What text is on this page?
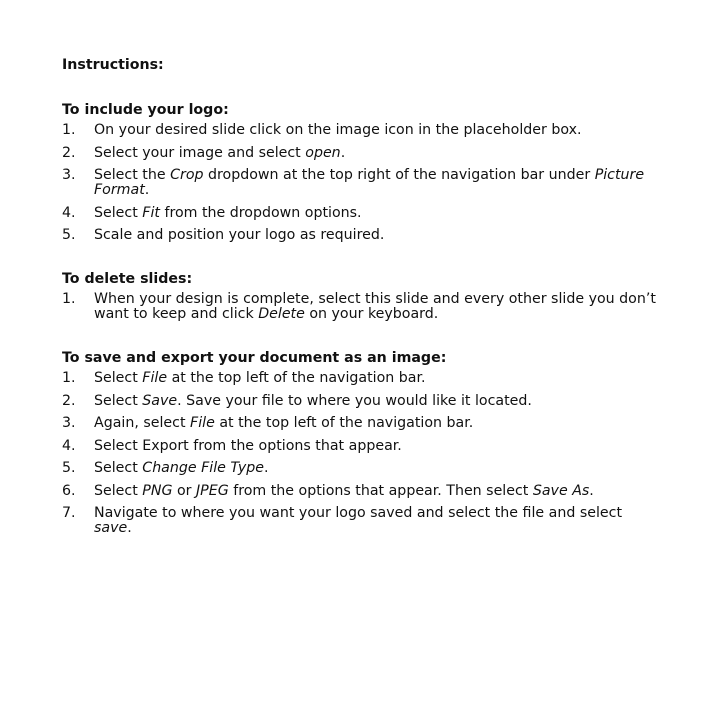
Instructions:

To include your logo:

1.	On your desired slide click on the image icon in the placeholder box.
2.	Select your image and select open.
3.	Select the Crop dropdown at the top right of the navigation bar under Picture Format.
4.	Select Fit from the dropdown options.
5.	Scale and position your logo as required.

To delete slides:

1.	When your design is complete, select this slide and every other slide you don’t want to keep and click Delete on your keyboard.

To save and export your document as an image:

1.	Select File at the top left of the navigation bar.
2.	Select Save. Save your file to where you would like it located.
3.	Again, select File at the top left of the navigation bar.
4.	Select Export from the options that appear.
5.	Select Change File Type.
6.	Select PNG or JPEG from the options that appear. Then select Save As.
7.	Navigate to where you want your logo saved and select the file and select save.
